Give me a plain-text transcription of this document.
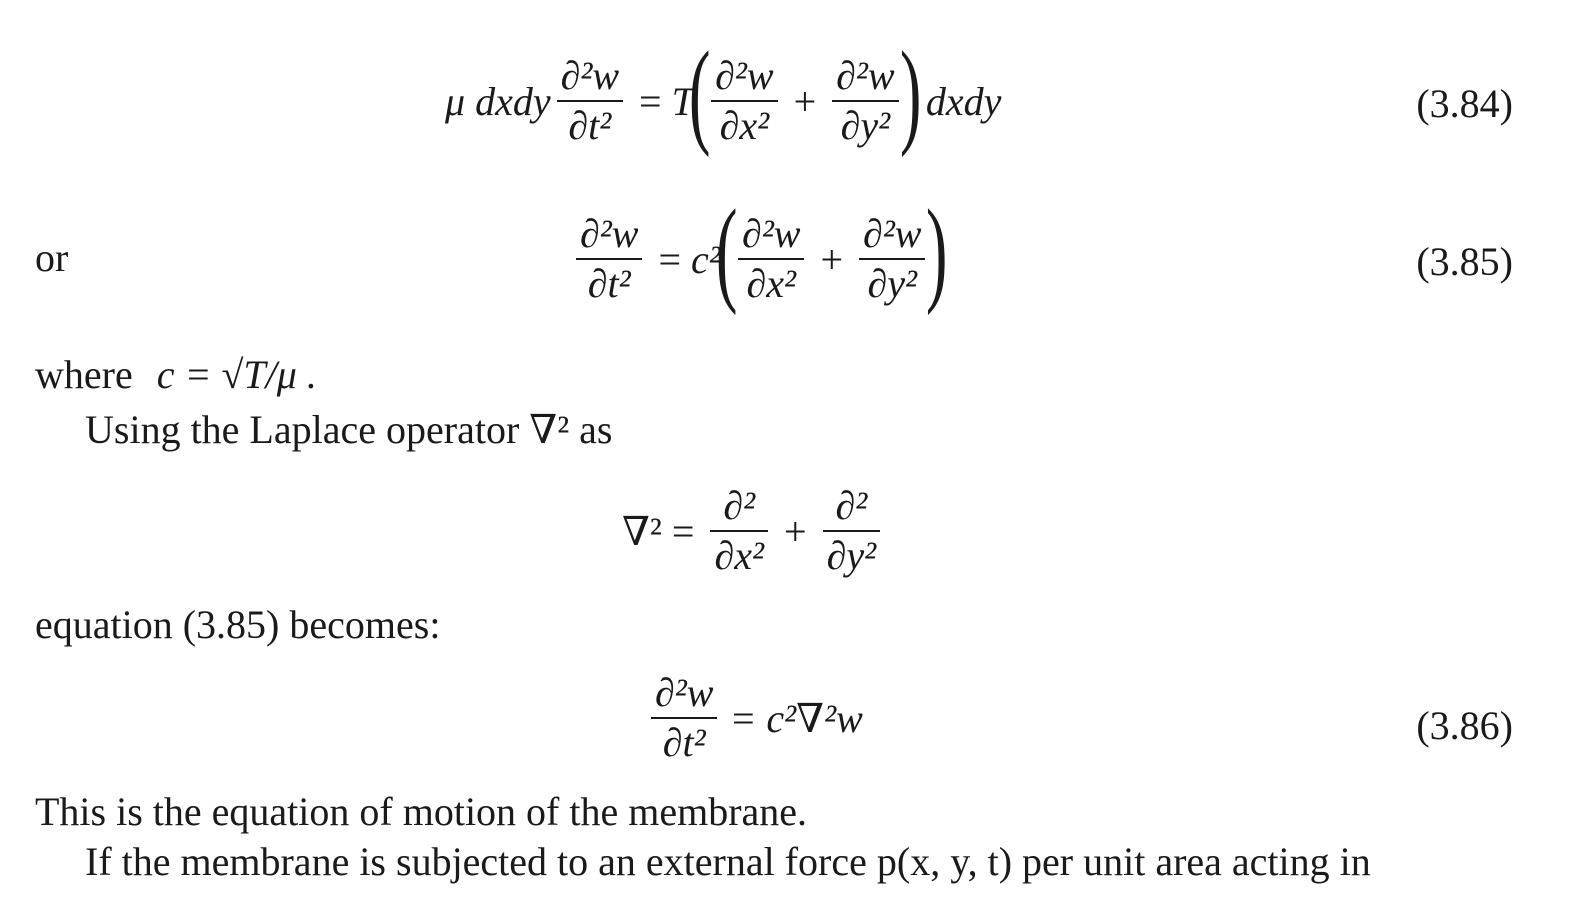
μ dxdy $\frac{\text{∂²w}}{\text{∂t²}} = T$
( $\frac{\text{∂²w}}{\text{∂x²}} + \frac{\text{∂²w}}{\text{∂y²}}$ ) dxdy	(3.84)
or	$\frac{\text{∂²w}}{\text{∂t²}} = c^2$
( $\frac{\text{∂²w}}{\text{∂x²}} + \frac{\text{∂²w}}{\text{∂y²}}$ )	(3.85)
where c = √T/μ .
Using the Laplace operator ∇² as
$\nabla^2 = \frac{\text{∂²}}{\text{∂x²}} + \frac{\text{∂²}}{\text{∂y²}}$
equation (3.85) becomes:
$\frac{\text{∂²w}}{\text{∂t²}} = c^2\nabla^2w$	(3.86)
This is the equation of motion of the membrane.
If the membrane is subjected to an external force p(x, y, t) per unit area acting in
